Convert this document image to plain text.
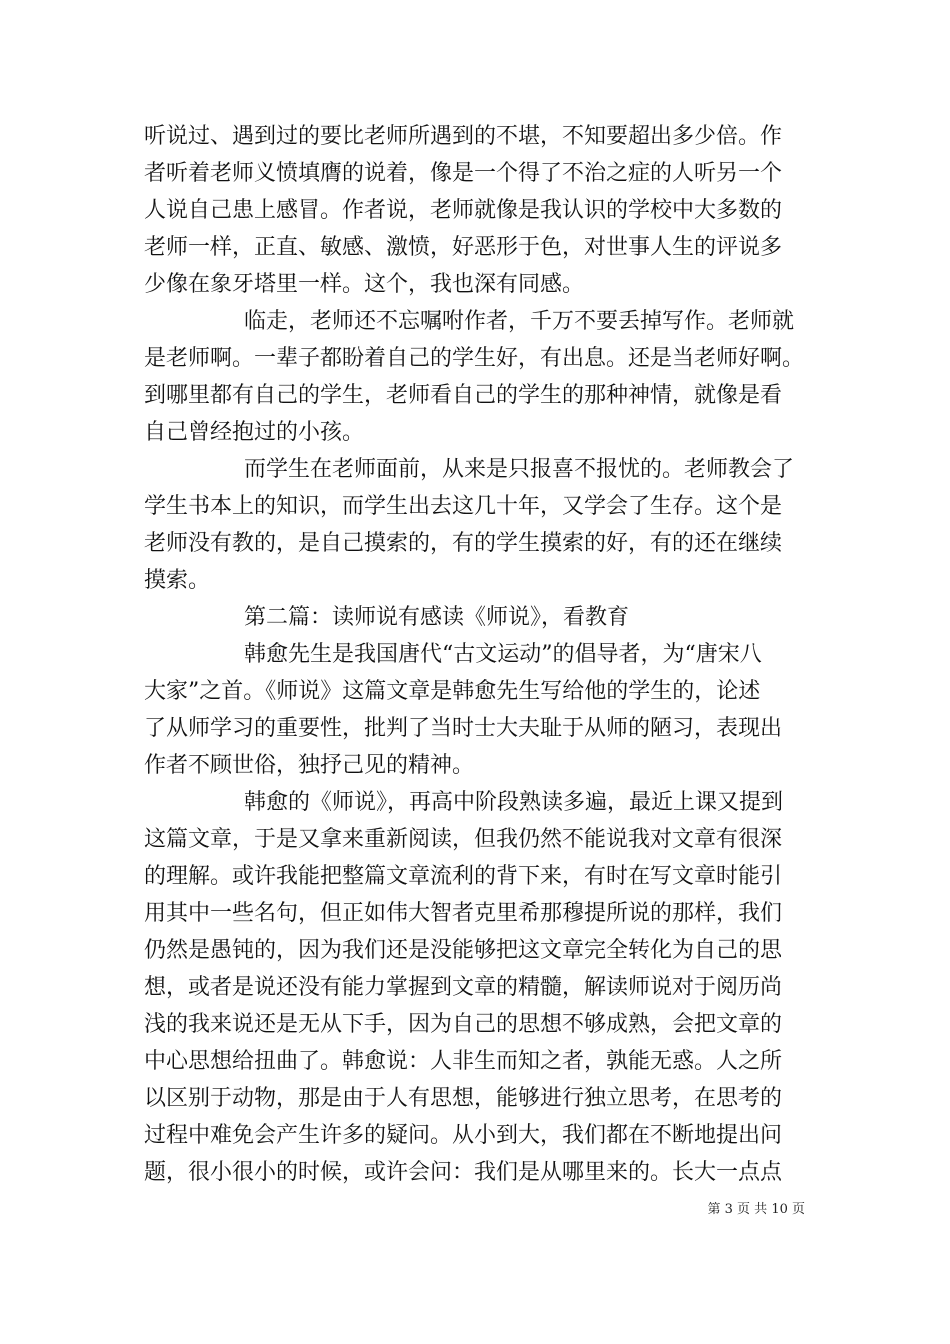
听说过、遇到过的要比老师所遇到的不堪，不知要超出多少倍。作
者听着老师义愤填膺的说着，像是一个得了不治之症的人听另一个
人说自己患上感冒。作者说，老师就像是我认识的学校中大多数的
老师一样，正直、敏感、激愤，好恶形于色，对世事人生的评说多
少像在象牙塔里一样。这个，我也深有同感。
临走，老师还不忘嘱咐作者，千万不要丢掉写作。老师就
是老师啊。一辈子都盼着自己的学生好，有出息。还是当老师好啊。
到哪里都有自己的学生，老师看自己的学生的那种神情，就像是看
自己曾经抱过的小孩。
而学生在老师面前，从来是只报喜不报忧的。老师教会了
学生书本上的知识，而学生出去这几十年，又学会了生存。这个是
老师没有教的，是自己摸索的，有的学生摸索的好，有的还在继续
摸索。
第二篇：读师说有感读《师说》，看教育
韩愈先生是我国唐代“古文运动”的倡导者，为“唐宋八
大家”之首。《师说》这篇文章是韩愈先生写给他的学生的，论述
了从师学习的重要性，批判了当时士大夫耻于从师的陋习，表现出
作者不顾世俗，独抒己见的精神。
韩愈的《师说》，再高中阶段熟读多遍，最近上课又提到
这篇文章，于是又拿来重新阅读，但我仍然不能说我对文章有很深
的理解。或许我能把整篇文章流利的背下来，有时在写文章时能引
用其中一些名句，但正如伟大智者克里希那穆提所说的那样，我们
仍然是愚钝的，因为我们还是没能够把这文章完全转化为自己的思
想，或者是说还没有能力掌握到文章的精髓，解读师说对于阅历尚
浅的我来说还是无从下手，因为自己的思想不够成熟，会把文章的
中心思想给扭曲了。韩愈说：人非生而知之者，孰能无惑。人之所
以区别于动物，那是由于人有思想，能够进行独立思考，在思考的
过程中难免会产生许多的疑问。从小到大，我们都在不断地提出问
题，很小很小的时候，或许会问：我们是从哪里来的。长大一点点
第 3 页 共 10 页
